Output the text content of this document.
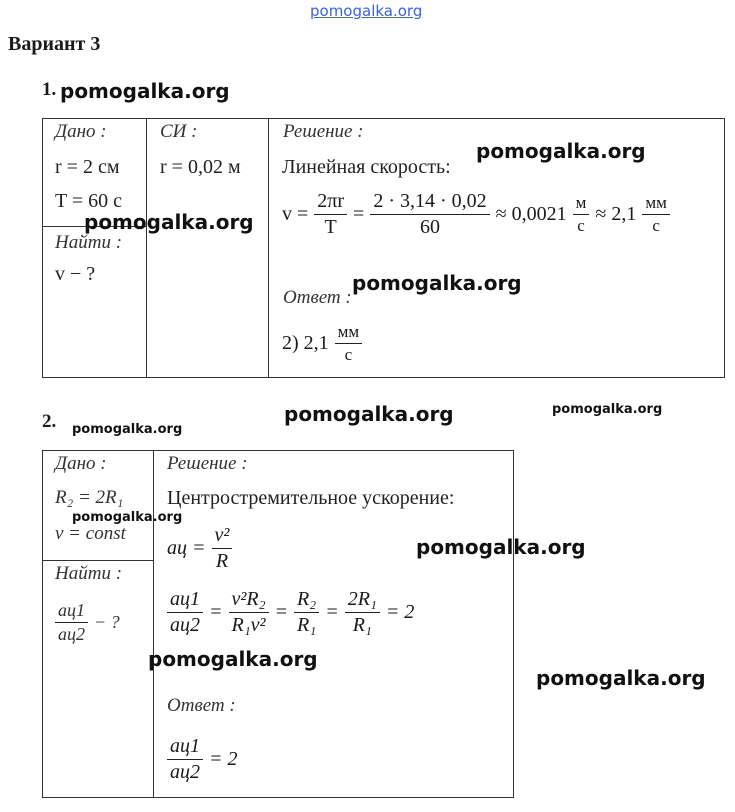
pomogalka.org
Вариант 3
1. pomogalka.org
Дано :
r = 2 см
T = 60 с
Найти :
v − ?
СИ :
r = 0,02 м
Решение :
Линейная скорость:
$v = \frac{2\pi r}{T} = \frac{2 \cdot 3,14 \cdot 0,02}{60} \approx 0,0021 \frac{м}{с} \approx 2,1 \frac{мм}{с}$
Ответ :
2) $2,1 \frac{мм}{с}$
pomogalka.org
pomogalka.org
pomogalka.org
2. pomogalka.org
pomogalka.org	pomogalka.org
Дано :
R₂ = 2R₁
v = const
Найти :
$\frac{aц1}{aц2}$ − ?
Решение :
Центростремительное ускорение:
aц = $\frac{\text{v²}}{R}$
$\frac{aц1}{aц2} = \frac{\text{v²R₂}}{\text{R₁v²}} = \frac{\text{R₂}}{\text{R₁}} = \frac{\text{2R₁}}{\text{R₁}} = 2$
Ответ :
$\frac{aц1}{aц2} = 2$
pomogalka.org
pomogalka.org
pomogalka.org
pomogalka.org
